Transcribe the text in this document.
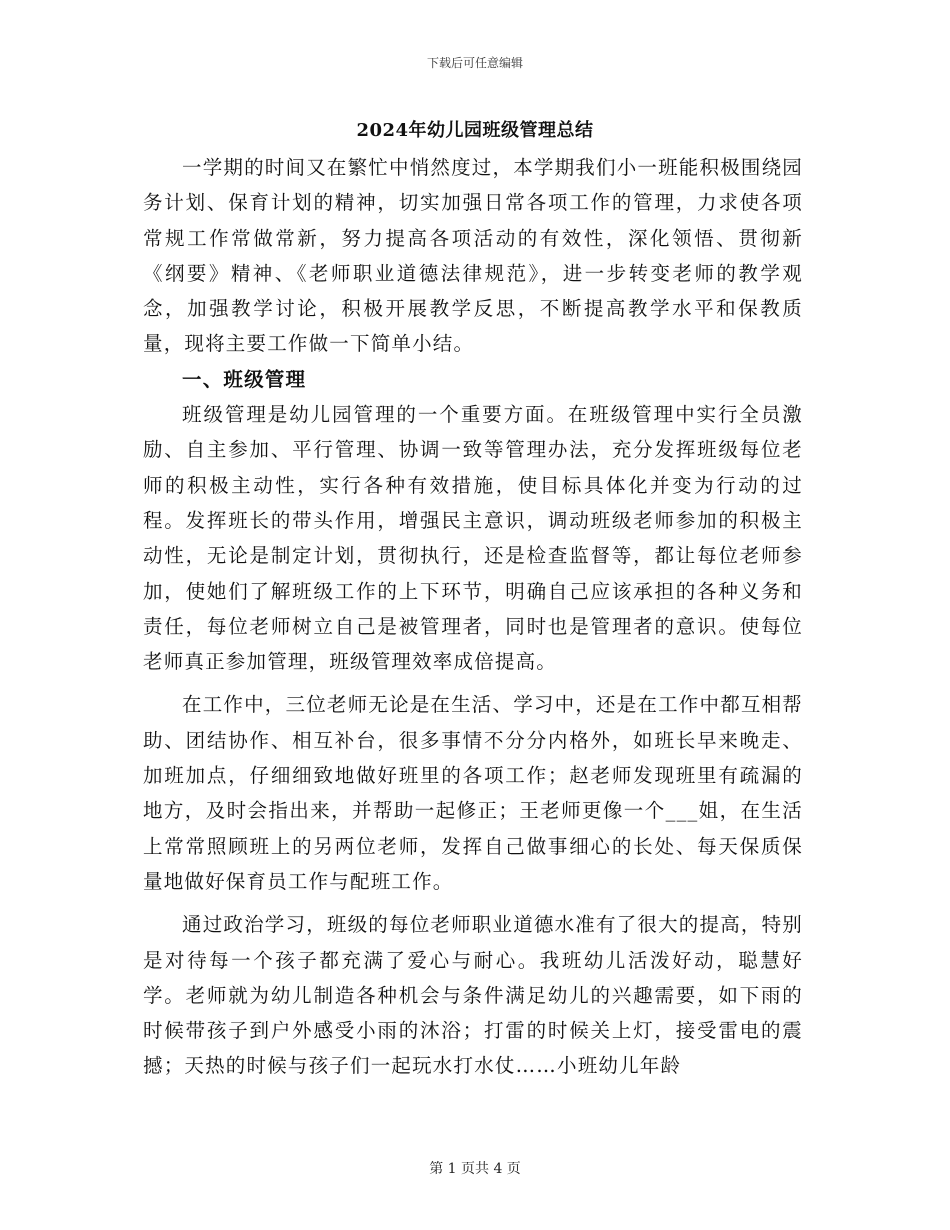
下载后可任意编辑
2024年幼儿园班级管理总结

一学期的时间又在繁忙中悄然度过，本学期我们小一班能积极围绕园务计划、保育计划的精神，切实加强日常各项工作的管理，力求使各项常规工作常做常新，努力提高各项活动的有效性，深化领悟、贯彻新《纲要》精神、《老师职业道德法律规范》，进一步转变老师的教学观念，加强教学讨论，积极开展教学反思，不断提高教学水平和保教质量，现将主要工作做一下简单小结。

一、班级管理

班级管理是幼儿园管理的一个重要方面。在班级管理中实行全员激励、自主参加、平行管理、协调一致等管理办法，充分发挥班级每位老师的积极主动性，实行各种有效措施，使目标具体化并变为行动的过程。发挥班长的带头作用，增强民主意识，调动班级老师参加的积极主动性，无论是制定计划，贯彻执行，还是检查监督等，都让每位老师参加，使她们了解班级工作的上下环节，明确自己应该承担的各种义务和责任，每位老师树立自己是被管理者，同时也是管理者的意识。使每位老师真正参加管理，班级管理效率成倍提高。

在工作中，三位老师无论是在生活、学习中，还是在工作中都互相帮助、团结协作、相互补台，很多事情不分分内格外，如班长早来晚走、加班加点，仔细细致地做好班里的各项工作；赵老师发现班里有疏漏的地方，及时会指出来，并帮助一起修正；王老师更像一个___姐，在生活上常常照顾班上的另两位老师，发挥自己做事细心的长处、每天保质保量地做好保育员工作与配班工作。

通过政治学习，班级的每位老师职业道德水准有了很大的提高，特别是对待每一个孩子都充满了爱心与耐心。我班幼儿活泼好动，聪慧好学。老师就为幼儿制造各种机会与条件满足幼儿的兴趣需要，如下雨的时候带孩子到户外感受小雨的沐浴；打雷的时候关上灯，接受雷电的震撼；天热的时候与孩子们一起玩水打水仗……小班幼儿年龄

第 1 页共 4 页
